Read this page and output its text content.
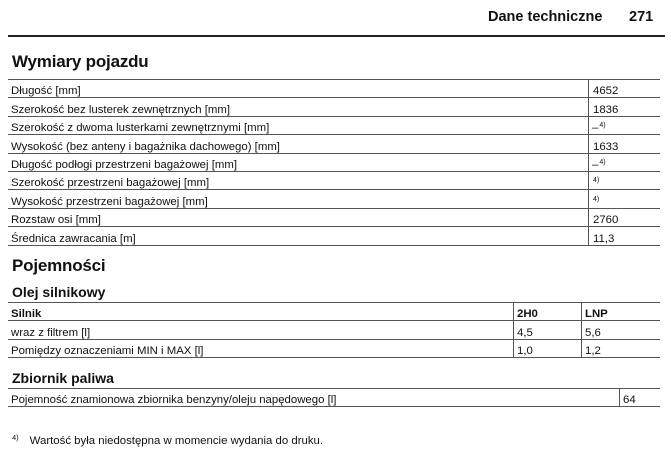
Dane techniczne 271
Wymiary pojazdu
Długość [mm]	4652
Szerokość bez lusterek zewnętrznych [mm]	1836
Szerokość z dwoma lusterkami zewnętrznymi [mm]	–$^{4)}$
Wysokość (bez anteny i bagażnika dachowego) [mm]	1633
Długość podłogi przestrzeni bagażowej [mm]	–$^{4)}$
Szerokość przestrzeni bagażowej [mm]	$^{4)}$
Wysokość przestrzeni bagażowej [mm]	$^{4)}$
Rozstaw osi [mm]	2760
Średnica zawracania [m]	11,3
Pojemności
Olej silnikowy
Silnik	2H0	LNP
wraz z filtrem [l]	4,5	5,6
Pomiędzy oznaczeniami MIN i MAX [l]	1,0	1,2
Zbiornik paliwa
Pojemność znamionowa zbiornika benzyny/oleju napędowego [l]	64
$^{4)}$ Wartość była niedostępna w momencie wydania do druku.
